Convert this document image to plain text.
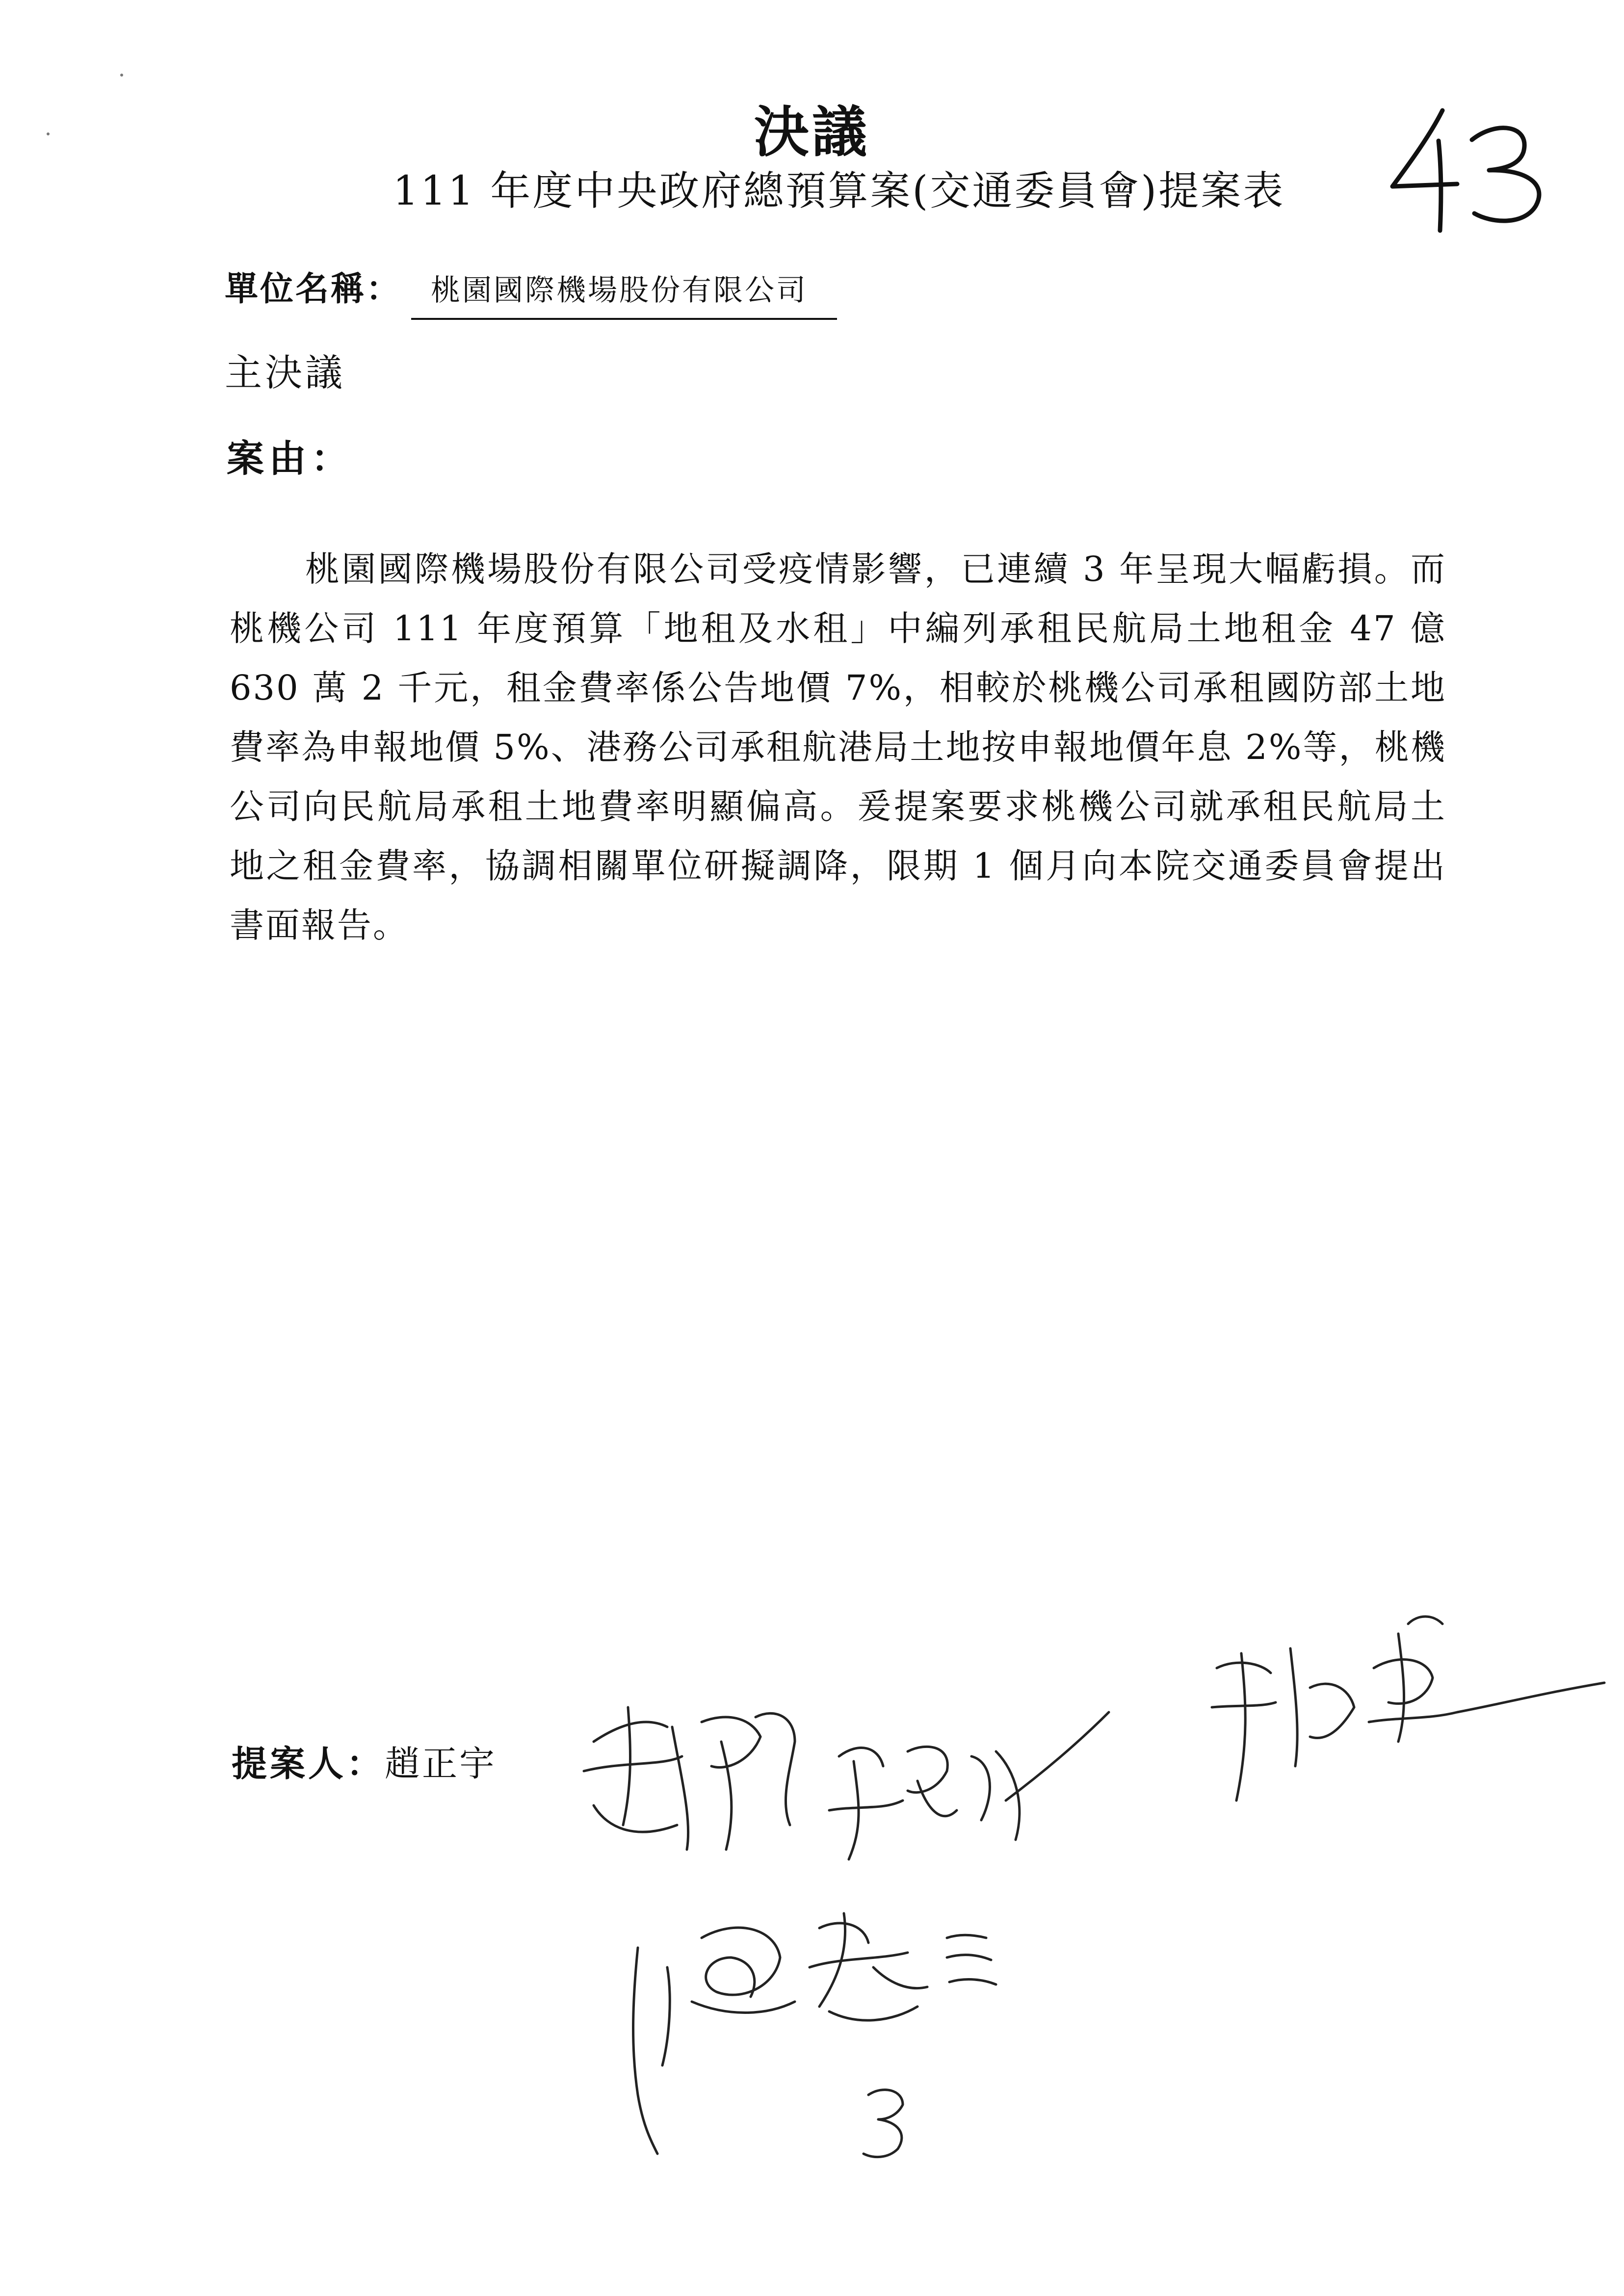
決議
111 年度中央政府總預算案(交通委員會)提案表
單位名稱： 桃園國際機場股份有限公司
主決議
案由：

桃園國際機場股份有限公司受疫情影響，已連續 3 年呈現大幅虧損。而桃機公司 111 年度預算「地租及水租」中編列承租民航局土地租金 47 億 630 萬 2 千元，租金費率係公告地價 7%，相較於桃機公司承租國防部土地費率為申報地價 5%、港務公司承租航港局土地按申報地價年息 2%等，桃機公司向民航局承租土地費率明顯偏高。爰提案要求桃機公司就承租民航局土地之租金費率，協調相關單位研擬調降，限期 1 個月向本院交通委員會提出書面報告。

提案人：趙正宇
